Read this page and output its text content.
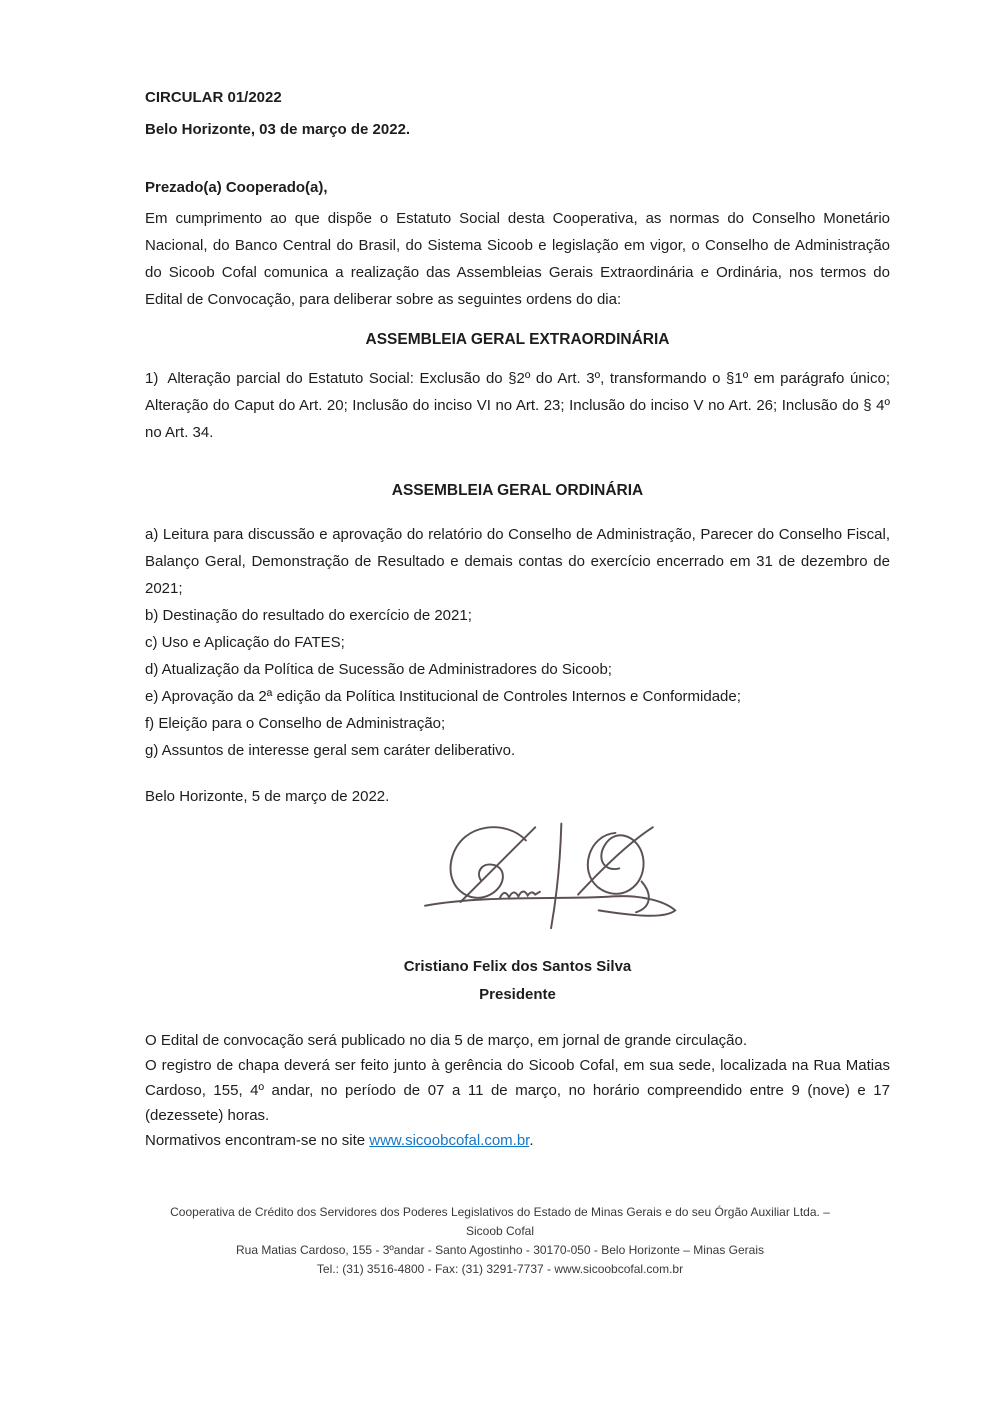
CIRCULAR 01/2022

Belo Horizonte, 03 de março de 2022.

Prezado(a) Cooperado(a),

Em cumprimento ao que dispõe o Estatuto Social desta Cooperativa, as normas do Conselho Monetário Nacional, do Banco Central do Brasil, do Sistema Sicoob e legislação em vigor, o Conselho de Administração do Sicoob Cofal comunica a realização das Assembleias Gerais Extraordinária e Ordinária, nos termos do Edital de Convocação, para deliberar sobre as seguintes ordens do dia:

ASSEMBLEIA GERAL EXTRAORDINÁRIA

1) Alteração parcial do Estatuto Social: Exclusão do §2º do Art. 3º, transformando o §1º em parágrafo único; Alteração do Caput do Art. 20; Inclusão do inciso VI no Art. 23; Inclusão do inciso V no Art. 26; Inclusão do § 4º no Art. 34.

ASSEMBLEIA GERAL ORDINÁRIA

a) Leitura para discussão e aprovação do relatório do Conselho de Administração, Parecer do Conselho Fiscal, Balanço Geral, Demonstração de Resultado e demais contas do exercício encerrado em 31 de dezembro de 2021;

b) Destinação do resultado do exercício de 2021;

c) Uso e Aplicação do FATES;

d) Atualização da Política de Sucessão de Administradores do Sicoob;

e) Aprovação da 2ª edição da Política Institucional de Controles Internos e Conformidade;

f) Eleição para o Conselho de Administração;

g) Assuntos de interesse geral sem caráter deliberativo.

Belo Horizonte, 5 de março de 2022.

Cristiano Felix dos Santos Silva

Presidente

O Edital de convocação será publicado no dia 5 de março, em jornal de grande circulação.

O registro de chapa deverá ser feito junto à gerência do Sicoob Cofal, em sua sede, localizada na Rua Matias Cardoso, 155, 4º andar, no período de 07 a 11 de março, no horário compreendido entre 9 (nove) e 17 (dezessete) horas.

Normativos encontram-se no site www.sicoobcofal.com.br.

Cooperativa de Crédito dos Servidores dos Poderes Legislativos do Estado de Minas Gerais e do seu Órgão Auxiliar Ltda. –
Sicoob Cofal
Rua Matias Cardoso, 155 - 3ºandar - Santo Agostinho - 30170-050 - Belo Horizonte – Minas Gerais
Tel.: (31) 3516-4800 - Fax: (31) 3291-7737 - www.sicoobcofal.com.br
